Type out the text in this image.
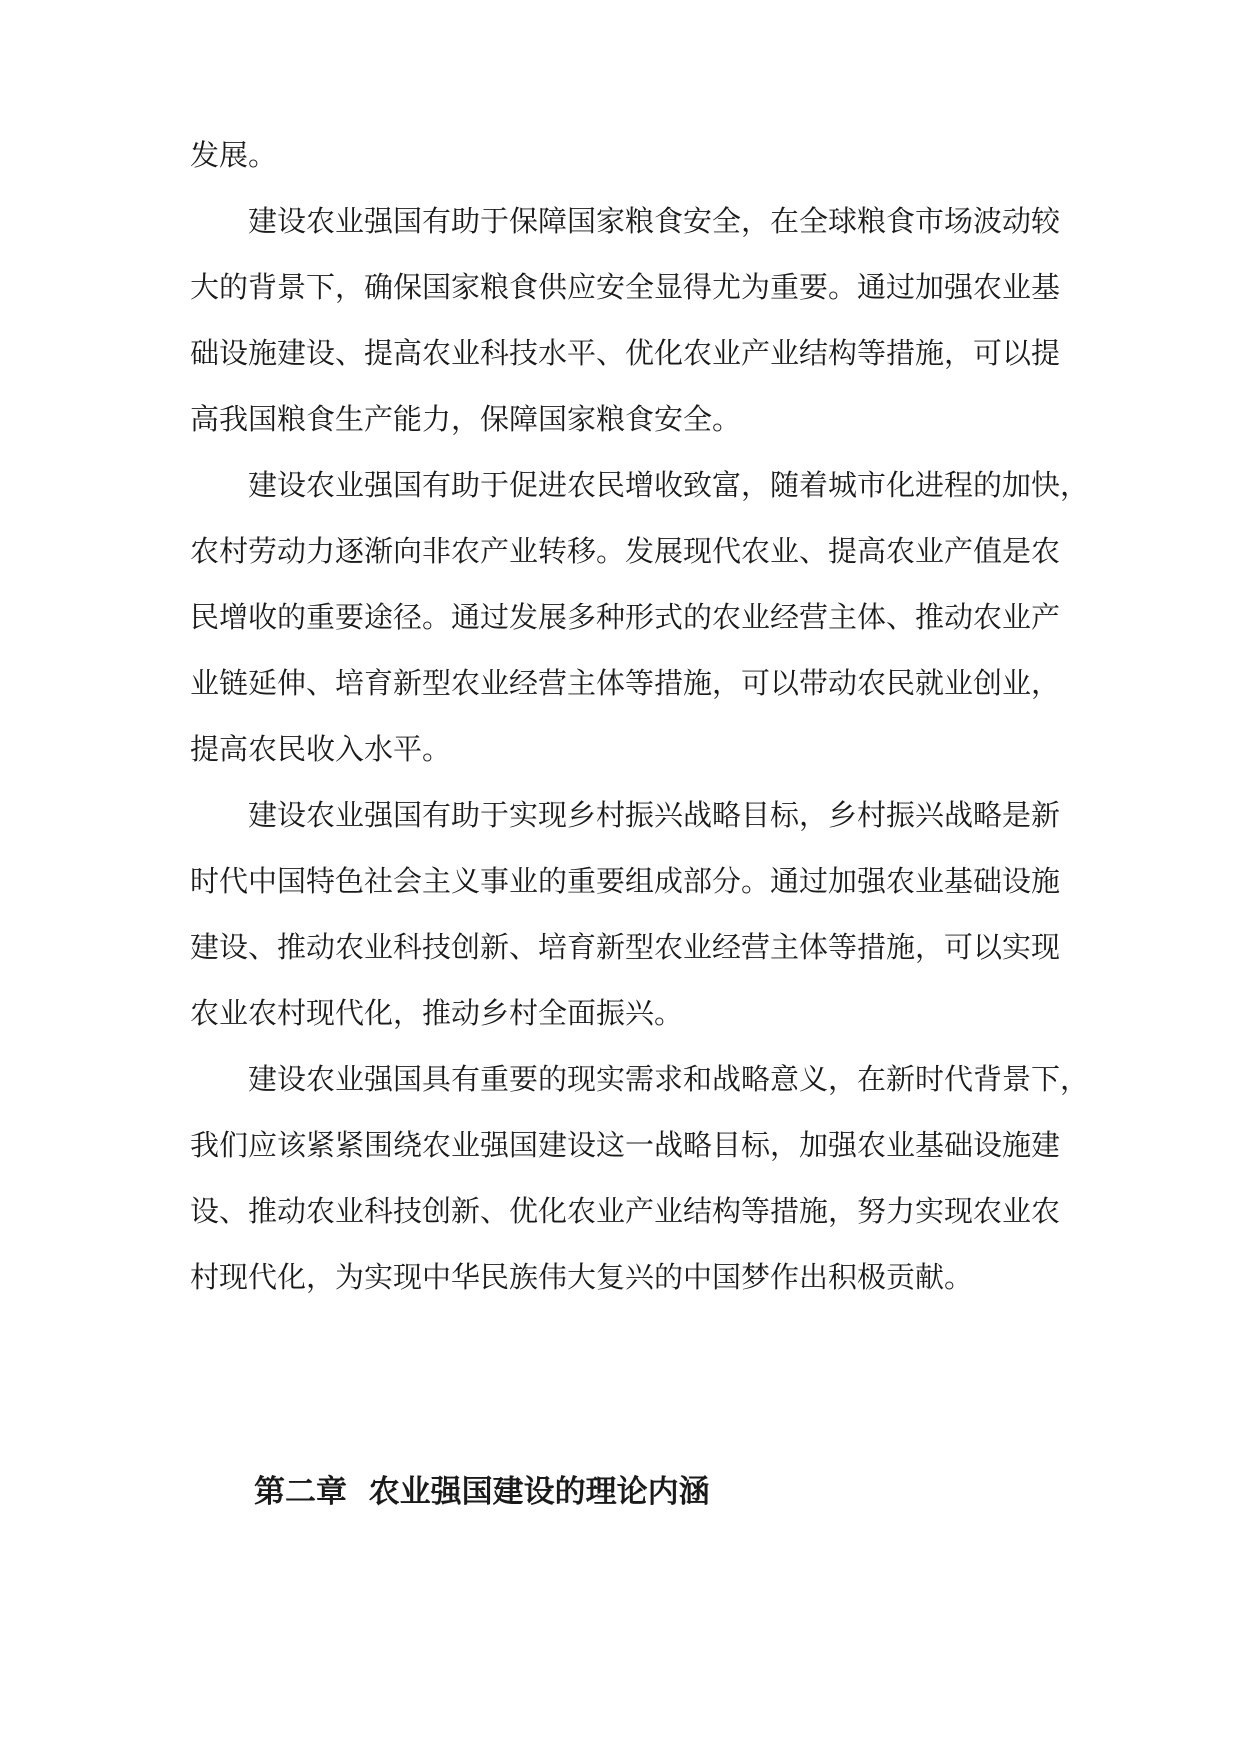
发展。
建设农业强国有助于保障国家粮食安全，在全球粮食市场波动较
大的背景下，确保国家粮食供应安全显得尤为重要。通过加强农业基
础设施建设、提高农业科技水平、优化农业产业结构等措施，可以提
高我国粮食生产能力，保障国家粮食安全。
建设农业强国有助于促进农民增收致富，随着城市化进程的加快，
农村劳动力逐渐向非农产业转移。发展现代农业、提高农业产值是农
民增收的重要途径。通过发展多种形式的农业经营主体、推动农业产
业链延伸、培育新型农业经营主体等措施，可以带动农民就业创业，
提高农民收入水平。
建设农业强国有助于实现乡村振兴战略目标，乡村振兴战略是新
时代中国特色社会主义事业的重要组成部分。通过加强农业基础设施
建设、推动农业科技创新、培育新型农业经营主体等措施，可以实现
农业农村现代化，推动乡村全面振兴。
建设农业强国具有重要的现实需求和战略意义，在新时代背景下，
我们应该紧紧围绕农业强国建设这一战略目标，加强农业基础设施建
设、推动农业科技创新、优化农业产业结构等措施，努力实现农业农
村现代化，为实现中华民族伟大复兴的中国梦作出积极贡献。
第二章  农业强国建设的理论内涵
